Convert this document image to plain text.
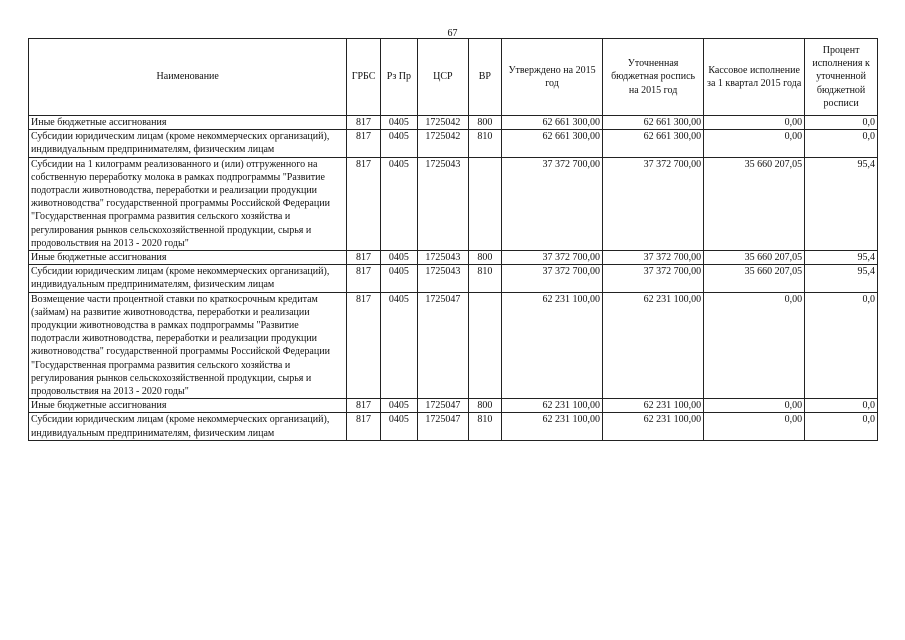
67
Наименование	ГРБС	Рз Пр	ЦСР	ВР	Утверждено на 2015 год	Уточненная бюджетная роспись на 2015 год	Кассовое исполнение за 1 квартал 2015 года	Процент исполнения к уточненной бюджетной росписи
Иные бюджетные ассигнования	817	0405	1725042	800	62 661 300,00	62 661 300,00	0,00	0,0
Субсидии юридическим лицам (кроме некоммерческих организаций), индивидуальным предпринимателям, физическим лицам	817	0405	1725042	810	62 661 300,00	62 661 300,00	0,00	0,0
Субсидии на 1 килограмм реализованного и (или) отгруженного на собственную переработку молока в рамках подпрограммы "Развитие подотрасли животноводства, переработки и реализации продукции животноводства" государственной программы Российской Федерации "Государственная программа развития сельского хозяйства и регулирования рынков сельскохозяйственной продукции, сырья и продовольствия на 2013 - 2020 годы"	817	0405	1725043		37 372 700,00	37 372 700,00	35 660 207,05	95,4
Иные бюджетные ассигнования	817	0405	1725043	800	37 372 700,00	37 372 700,00	35 660 207,05	95,4
Субсидии юридическим лицам (кроме некоммерческих организаций), индивидуальным предпринимателям, физическим лицам	817	0405	1725043	810	37 372 700,00	37 372 700,00	35 660 207,05	95,4
Возмещение части процентной ставки по краткосрочным кредитам (займам) на развитие животноводства, переработки и реализации продукции животноводства в рамках подпрограммы "Развитие подотрасли животноводства, переработки и реализации продукции животноводства" государственной программы Российской Федерации "Государственная программа развития сельского хозяйства и регулирования рынков сельскохозяйственной продукции, сырья и продовольствия на 2013 - 2020 годы"	817	0405	1725047		62 231 100,00	62 231 100,00	0,00	0,0
Иные бюджетные ассигнования	817	0405	1725047	800	62 231 100,00	62 231 100,00	0,00	0,0
Субсидии юридическим лицам (кроме некоммерческих организаций), индивидуальным предпринимателям, физическим лицам	817	0405	1725047	810	62 231 100,00	62 231 100,00	0,00	0,0
